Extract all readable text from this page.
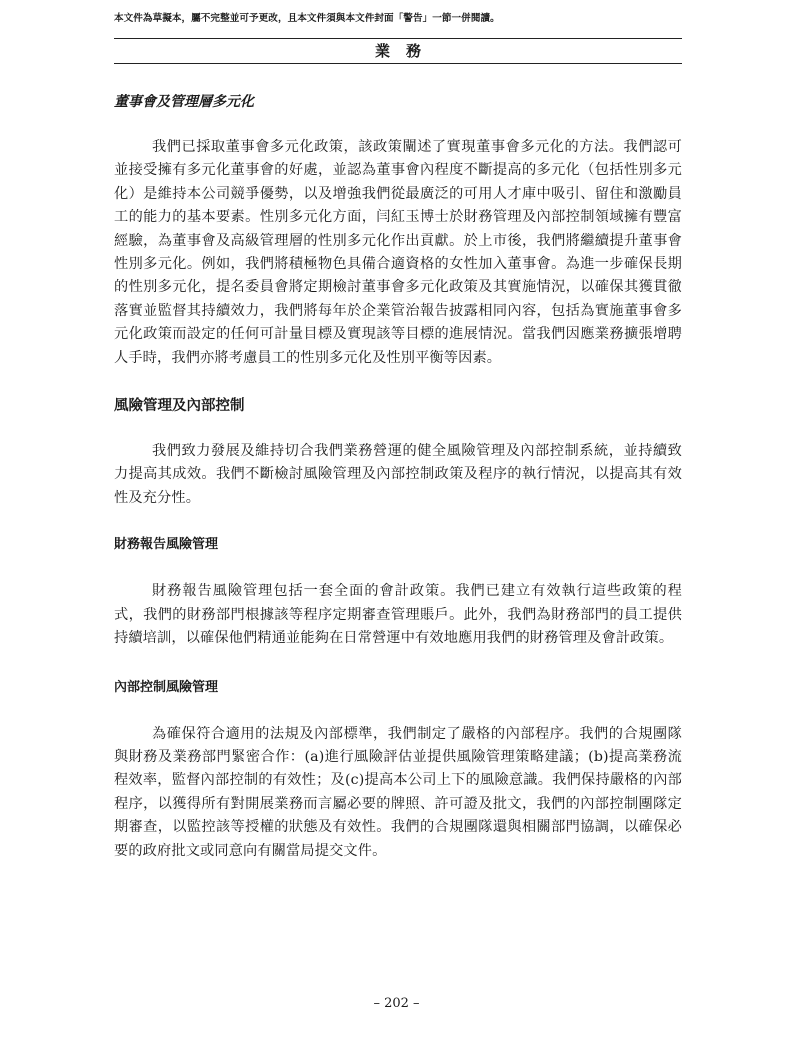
本文件為草擬本，屬不完整並可予更改，且本文件須與本文件封面「警告」一節一併閱讀。
業務
董事會及管理層多元化

我們已採取董事會多元化政策，該政策闡述了實現董事會多元化的方法。我們認可並接受擁有多元化董事會的好處，並認為董事會內程度不斷提高的多元化（包括性別多元化）是維持本公司競爭優勢，以及增強我們從最廣泛的可用人才庫中吸引、留住和激勵員工的能力的基本要素。性別多元化方面，闫紅玉博士於財務管理及內部控制領域擁有豐富經驗，為董事會及高級管理層的性別多元化作出貢獻。於上市後，我們將繼續提升董事會性別多元化。例如，我們將積極物色具備合適資格的女性加入董事會。為進一步確保長期的性別多元化，提名委員會將定期檢討董事會多元化政策及其實施情況，以確保其獲貫徹落實並監督其持續效力，我們將每年於企業管治報告披露相同內容，包括為實施董事會多元化政策而設定的任何可計量目標及實現該等目標的進展情況。當我們因應業務擴張增聘人手時，我們亦將考慮員工的性別多元化及性別平衡等因素。

風險管理及內部控制

我們致力發展及維持切合我們業務營運的健全風險管理及內部控制系統，並持續致力提高其成效。我們不斷檢討風險管理及內部控制政策及程序的執行情況，以提高其有效性及充分性。

財務報告風險管理

財務報告風險管理包括一套全面的會計政策。我們已建立有效執行這些政策的程式，我們的財務部門根據該等程序定期審查管理賬戶。此外，我們為財務部門的員工提供持續培訓，以確保他們精通並能夠在日常營運中有效地應用我們的財務管理及會計政策。

內部控制風險管理

為確保符合適用的法規及內部標準，我們制定了嚴格的內部程序。我們的合規團隊與財務及業務部門緊密合作：(a)進行風險評估並提供風險管理策略建議；(b)提高業務流程效率，監督內部控制的有效性；及(c)提高本公司上下的風險意識。我們保持嚴格的內部程序，以獲得所有對開展業務而言屬必要的牌照、許可證及批文，我們的內部控制團隊定期審查，以監控該等授權的狀態及有效性。我們的合規團隊還與相關部門協調，以確保必要的政府批文或同意向有關當局提交文件。

– 202 –
